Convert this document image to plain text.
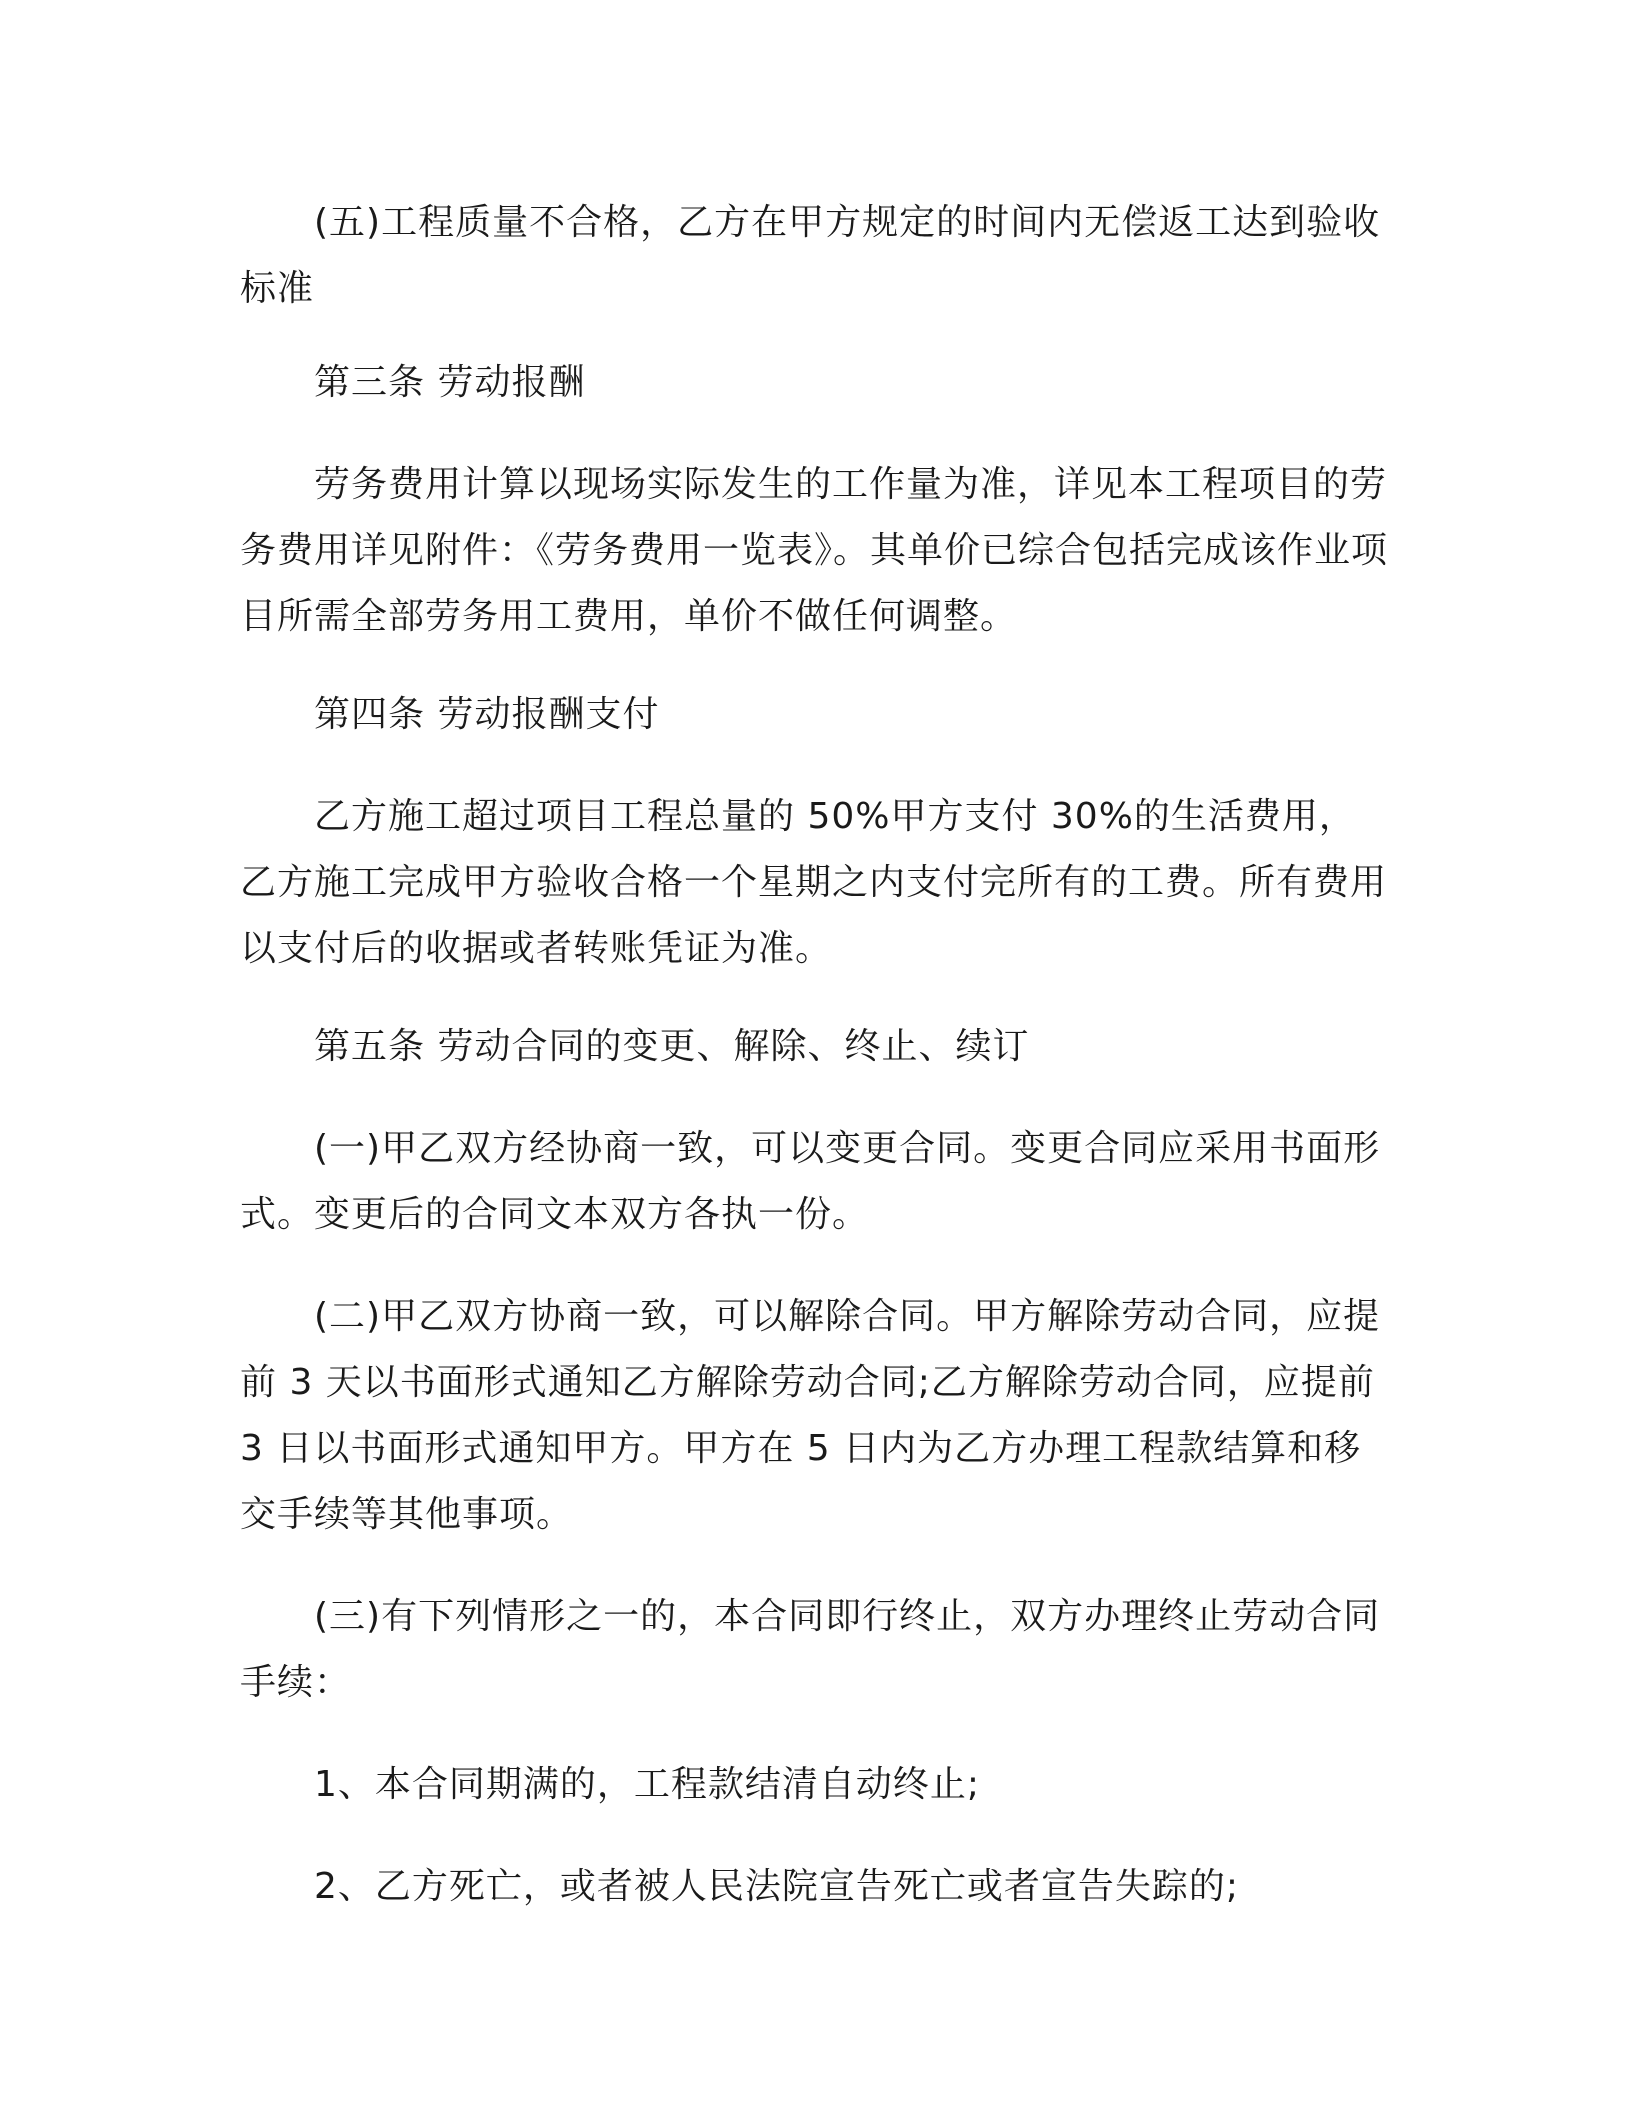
(五)工程质量不合格，乙方在甲方规定的时间内无偿返工达到验收标准

第三条 劳动报酬

劳务费用计算以现场实际发生的工作量为准，详见本工程项目的劳务费用详见附件：《劳务费用一览表》。其单价已综合包括完成该作业项目所需全部劳务用工费用，单价不做任何调整。

第四条 劳动报酬支付

乙方施工超过项目工程总量的 50%甲方支付 30%的生活费用，乙方施工完成甲方验收合格一个星期之内支付完所有的工费。所有费用以支付后的收据或者转账凭证为准。

第五条 劳动合同的变更、解除、终止、续订

(一)甲乙双方经协商一致，可以变更合同。变更合同应采用书面形式。变更后的合同文本双方各执一份。

(二)甲乙双方协商一致，可以解除合同。甲方解除劳动合同，应提前 3 天以书面形式通知乙方解除劳动合同;乙方解除劳动合同，应提前 3 日以书面形式通知甲方。甲方在 5 日内为乙方办理工程款结算和移交手续等其他事项。

(三)有下列情形之一的，本合同即行终止，双方办理终止劳动合同手续：

1、本合同期满的，工程款结清自动终止;

2、乙方死亡，或者被人民法院宣告死亡或者宣告失踪的;
